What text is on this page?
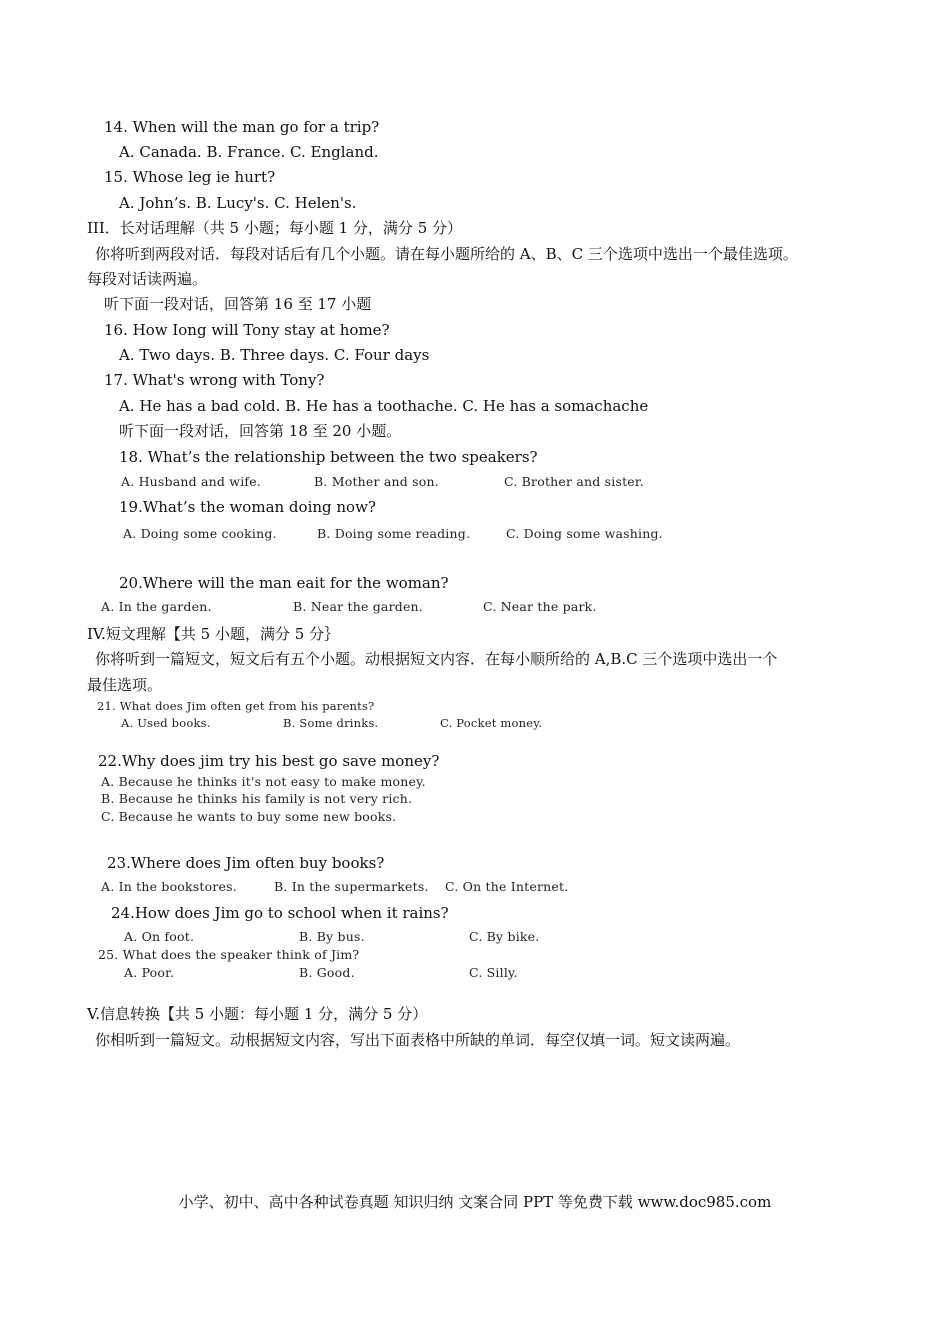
14. When will the man go for a trip?
A. Canada. B. France. C. England.
15. Whose leg ie hurt?
A. John’s. B. Lucy's. C. Helen's.
III．长对话理解（共 5 小题；每小题 1 分，满分 5 分）
你将听到两段对话．每段对话后有几个小题。请在每小题所给的 A、B、C 三个选项中选出一个最佳选项。
每段对话读两遍。
听下面一段对话，回答第 16 至 17 小题
16. How Iong will Tony stay at home?
A. Two days. B. Three days. C. Four days
17. What's wrong with Tony?
A. He has a bad cold. B. He has a toothache. C. He has a somachache
听下面一段对话，回答第 18 至 20 小题。
18. What’s the relationship between the two speakers?
A. Husband and wife.	B. Mother and son.	C. Brother and sister.
19.What’s the woman doing now?
A. Doing some cooking.	B. Doing some reading.	C. Doing some washing.
20.Where will the man eait for the woman?
A. In the garden.	B. Near the garden.	C. Near the park.
IV.短文理解【共 5 小题，满分 5 分｝
你将听到一篇短文，短文后有五个小题。动根据短文内容．在每小顺所给的 A,B.C 三个选项中选出一个
最佳选项。
21. What does Jim often get from his parents?
A. Used books.	B. Some drinks.	C. Pocket money.
22.Why does jim try his best go save money?
A. Because he thinks it's not easy to make money.
B. Because he thinks his family is not very rich.
C. Because he wants to buy some new books.
23.Where does Jim often buy books?
A. In the bookstores.	B. In the supermarkets. C. On the Internet.
24.How does Jim go to school when it rains?
A. On foot.	B. By bus.	C. By bike.
25. What does the speaker think of Jim?
A. Poor.	B. Good.	C. Silly.
V.信息转换【共 5 小题：每小题 1 分，满分 5 分）
你相听到一篇短文。动根据短文内容，写出下面表格中所缺的单词．每空仅填一词。短文读两遍。
小学、初中、高中各种试卷真题 知识归纳 文案合同 PPT 等免费下载 www.doc985.com
